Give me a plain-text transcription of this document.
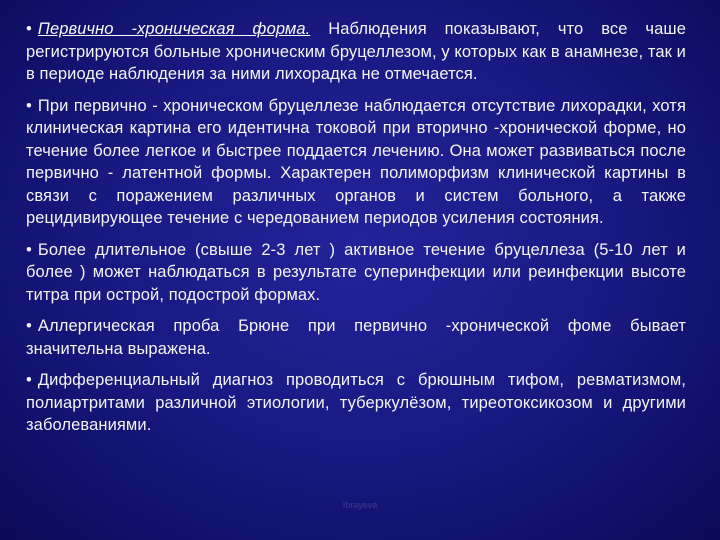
• Первично -хроническая форма. Наблюдения показывают, что все чаше регистрируются больные хроническим бруцеллезом, у которых как в анамнезе, так и в периоде наблюдения за ними лихорадка не отмечается.

• При первично - хроническом бруцеллезе наблюдается отсутствие лихорадки, хотя клиническая картина его идентична токовой при вторично -хронической форме, но течение более легкое и быстрее поддается лечению. Она может развиваться после первично - латентной формы. Характерен полиморфизм клинической картины в связи с поражением различных органов и систем больного, а также рецидивирующее течение с чередованием периодов усиления состояния.

• Более длительное (свыше 2-3 лет ) активное течение бруцеллеза (5-10 лет и более ) может наблюдаться в результате суперинфекции или реинфекции высоте титра при острой, подострой формах.

• Аллергическая проба Брюне при первично -хронической фоме бывает значительна выражена.

• Дифференциальный диагноз проводиться с брюшным тифом, ревматизмом, полиартритами различной этиологии, туберкулёзом, тиреотоксикозом и другими заболеваниями.

Ibrayeva
